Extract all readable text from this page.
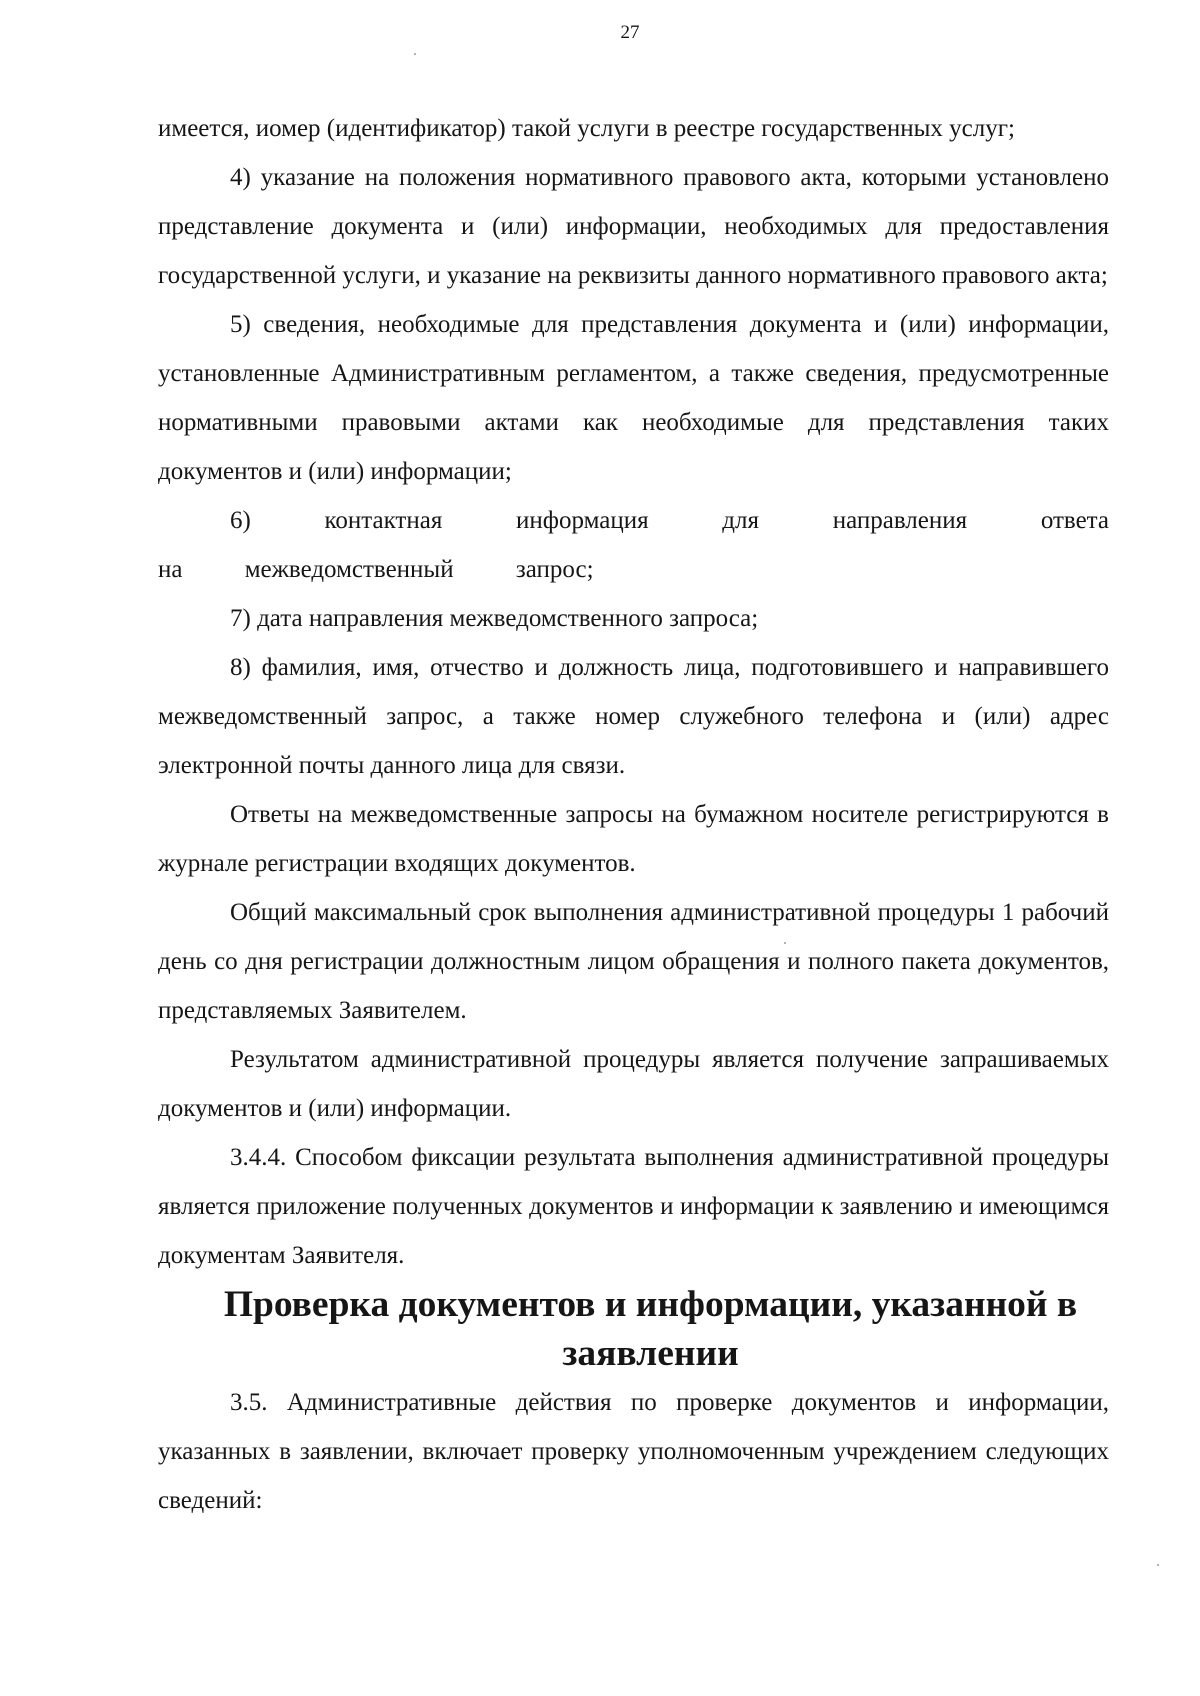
27

имеется, иомер (идентификатор) такой услуги в реестре государственных услуг;

4) указание на положения нормативного правового акта, которыми установлено представление документа и (или) информации, необходимых для предоставления государственной услуги, и указание на реквизиты данного нормативного правового акта;

5) сведения, необходимые для представления документа и (или) информации, установленные Административным регламентом, а также сведения, предусмотренные нормативными правовыми актами как необходимые для представления таких документов и (или) информации;

6) контактная информация для направления ответа на межведомственный запрос;

7) дата направления межведомственного запроса;

8) фамилия, имя, отчество и должность лица, подготовившего и направившего межведомственный запрос, а также номер служебного телефона и (или) адрес электронной почты данного лица для связи.

Ответы на межведомственные запросы на бумажном носителе регистрируются в журнале регистрации входящих документов.

Общий максимальный срок выполнения административной процедуры 1 рабочий день со дня регистрации должностным лицом обращения и полного пакета документов, представляемых Заявителем.

Результатом административной процедуры является получение запрашиваемых документов и (или) информации.

3.4.4. Способом фиксации результата выполнения административной процедуры является приложение полученных документов и информации к заявлению и имеющимся документам Заявителя.

Проверка документов и информации, указанной в заявлении

3.5. Административные действия по проверке документов и информации, указанных в заявлении, включает проверку уполномоченным учреждением следующих сведений:
